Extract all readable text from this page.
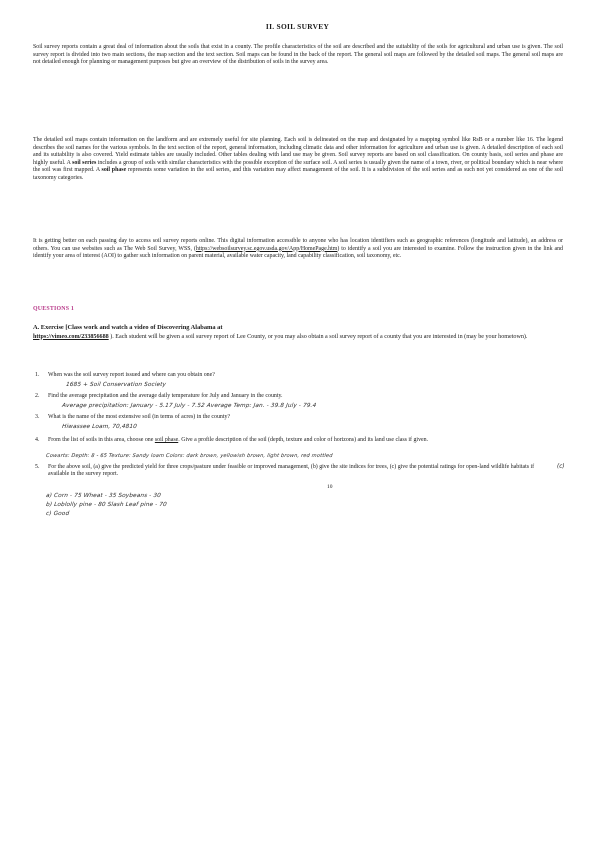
II. SOIL SURVEY

Soil survey reports contain a great deal of information about the soils that exist in a county. The profile characteristics of the soil are described and the suitability of the soils for agricultural and urban use is given. The soil survey report is divided into two main sections, the map section and the text section. Soil maps can be found in the back of the report. The general soil maps are followed by the detailed soil maps. The general soil maps are not detailed enough for planning or management purposes but give an overview of the distribution of soils in the survey area.

The detailed soil maps contain information on the landform and are extremely useful for site planning. Each soil is delineated on the map and designated by a mapping symbol like RsB or a number like 16. The legend describes the soil names for the various symbols. In the text section of the report, general information, including climatic data and other information for agriculture and urban use is given. A detailed description of each soil and its suitability is also covered. Yield estimate tables are usually included. Other tables dealing with land use may be given. Soil survey reports are based on soil classification. On county basis, soil series and phase are highly useful. A soil series includes a group of soils with similar characteristics with the possible exception of the surface soil. A soil series is usually given the name of a town, river, or political boundary which is near where the soil was first mapped. A soil phase represents some variation in the soil series, and this variation may affect management of the soil. It is a subdivision of the soil series and as such not yet considered as one of the soil taxonomy categories.

It is getting better on each passing day to access soil survey reports online. This digital information accessible to anyone who has location identifiers such as geographic references (longitude and latitude), an address or others. You can use websites such as The Web Soil Survey, WSS, (https://websoilsurvey.sc.egov.usda.gov/App/HomePage.htm) to identify a soil you are interested to examine. Follow the instruction given in the link and identify your area of interest (AOI) to gather such information on parent material, available water capacity, land capability classification, soil taxonomy, etc.

QUESTIONS 1

A. Exercise [Class work and watch a video of Discovering Alabama at
https://vimeo.com/233856688 ). Each student will be given a soil survey report of Lee County, or you may also obtain a soil survey report of a county that you are interested in (may be your hometown).

1. When was the soil survey report issued and where can you obtain one?

2. Find the average precipitation and the average daily temperature for July and January in the county.

3. What is the name of the most extensive soil (in terms of acres) in the county?

4. From the list of soils in this area, choose one soil phase. Give a profile description of the soil (depth, texture and color of horizons) and its land use class if given.

5. For the above soil, (a) give the predicted yield for three crops/pasture under feasible or improved management, (b) give the site indices for trees, (c) give the potential ratings for open-land wildlife habitats if available in the survey report.

1685 + Soil Conservation Society
Average precipitation: January - 5.17 July - 7.52 Average Temp: Jan. - 39.8 July - 79.4
Hiwassee Loam, 70,4810
Cowarts: Depth: 8 - 65 Texture: Sandy loam Colors: dark brown, yellowish brown, light brown, red mottled
a) Corn - 75 Wheat - 35 Soybeans - 30
b) Loblolly pine - 80 Slash Leaf pine - 70
c) Good
(c)
10
